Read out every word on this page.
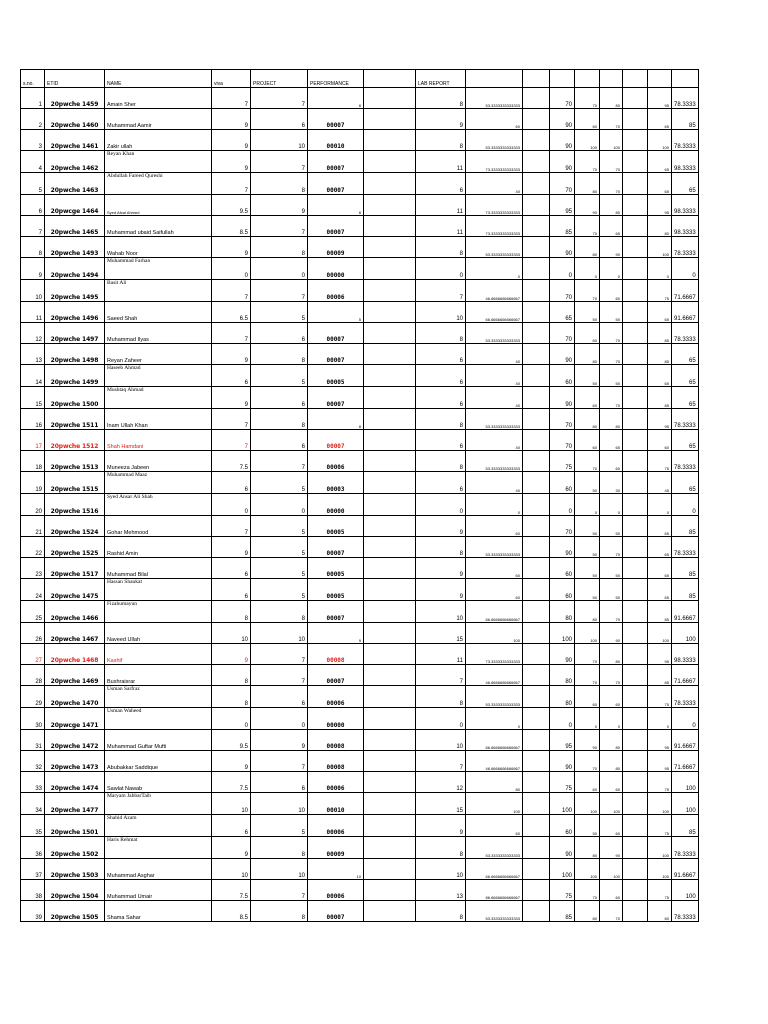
s.no.	ETID	NAME	viva	PROJECT	PERFORMANCE		LAB REPORT								
1	20pwche 1459	Amain Sher	7	7	8		8	53.3333333333333		70	70	80		95	78.3333
2	20pwche 1460	Muhammad Aamir	9	6	00007		9	60		90	60	70		65	85
3	20pwche 1461	Zakir ullah	9	10	00010		8	53.3333333333333		90	100	100		100	78.3333
4	20pwche 1462	Reyan Khan	9	7	00007		11	73.3333333333333		90	70	70		65	98.3333
5	20pwche 1463	Abdullah Fareed Qureshi	7	8	00007		6	40		70	80	70		65	65
6	20pwcge 1464	Syed Afzal Ahmed	9.5	9	8		11	73.3333333333333		95	90	80		95	98.3333
7	20pwche 1465	Muhammad ubaid Saifullah	8.5	7	00007		11	73.3333333333333		85	70	65		80	98.3333
8	20pwche 1493	Wahab Noor	9	8	00009		8	53.3333333333333		90	80	90		100	78.3333
9	20pwche 1494	Muhammad Farhan	0	0	00000		0	0		0	0	0		0	0
10	20pwche 1495	Basit Ali	7	7	00006		7	46.6666666666667		70	70	60		75	71.6667
11	20pwche 1496	Saeed Shah	6.5	5	5		10	66.6666666666667		65	50	50		65	91.6667
12	20pwche 1497	Muhammad Ilyas	7	6	00007		8	53.3333333333333		70	60	70		85	78.3333
13	20pwche 1498	Reyan Zaheer	9	8	00007		6	40		90	80	70		85	65
14	20pwche 1499	Haseeb Ahmad	6	5	00005		6	40		60	50	50		65	65
15	20pwche 1500	Mushtaq Ahmad	9	6	00007		6	40		90	60	70		85	65
16	20pwche 1511	Inam Ullah Khan	7	8	8		8	53.3333333333333		70	80	80		95	78.3333
17	20pwche 1512	Shah Hamdani	7	6	00007		6	40		70	60	65		60	65
18	20pwche 1513	Muneeza Jabeen	7.5	7	00006		8	53.3333333333333		75	70	60		75	78.3333
19	20pwche 1515	Muhammad Maaz	6	5	00003		6	40		60	50	30		45	65
20	20pwche 1516	Syed Ansar Ali Shah	0	0	00000		0	0		0	0	0		0	0
21	20pwche 1524	Gohar Mehmood	7	5	00005		9	60		70	50	50		65	85
22	20pwche 1525	Rashid Amin	9	5	00007		8	53.3333333333333		90	50	70		65	78.3333
23	20pwche 1517	Muhammad Bilal	6	5	00005		9	60		60	50	50		65	85
24	20pwche 1475	Hassan Shaukat	6	5	00005		9	60		60	50	50		65	85
25	20pwche 1466	Fizahumayun	8	8	00007		10	66.6666666666667		80	80	70		85	91.6667
26	20pwche 1467	Naveed Ullah	10	10	9		15	100		100	100	90		100	100
27	20pwche 1468	Kashif	9	7	00008		11	73.3333333333333		90	70	80		95	98.3333
28	20pwche 1469	Bushraisrar	8	7	00007		7	46.6666666666667		80	70	70		85	71.6667
29	20pwche 1470	Usman Sarfraz	8	6	00006		8	53.3333333333333		80	60	60		75	78.3333
30	20pwcge 1471	Usman Waheed	0	0	00000		0	0		0	0	0		0	0
31	20pwche 1472	Muhammad Guftar Mufti	9.5	9	00008		10	66.6666666666667		95	90	80		95	91.6667
32	20pwche 1473	Abubakkar Saddique	9	7	00008		7	46.6666666666667		90	70	80		95	71.6667
33	20pwche 1474	Sawlat Nawab	7.5	6	00006		12	80		75	60	60		75	100
34	20pwche 1477	Maryam JabbarTaib	10	10	00010		15	100		100	100	100		100	100
35	20pwche 1501	Shahid Azam	6	5	00006		9	60		60	50	60		75	85
36	20pwche 1502	Haris Rehmat	9	8	00009		8	53.3333333333333		90	80	90		100	78.3333
37	20pwche 1503	Muhammad Asghar	10	10	10		10	66.6666666666667		100	100	100		100	91.6667
38	20pwche 1504	Muhammad Umair	7.5	7	00006		13	86.6666666666667		75	70	60		75	100
39	20pwche 1505	Shama Sahar	8.5	8	00007		8	53.3333333333333		85	80	70		60	78.3333
